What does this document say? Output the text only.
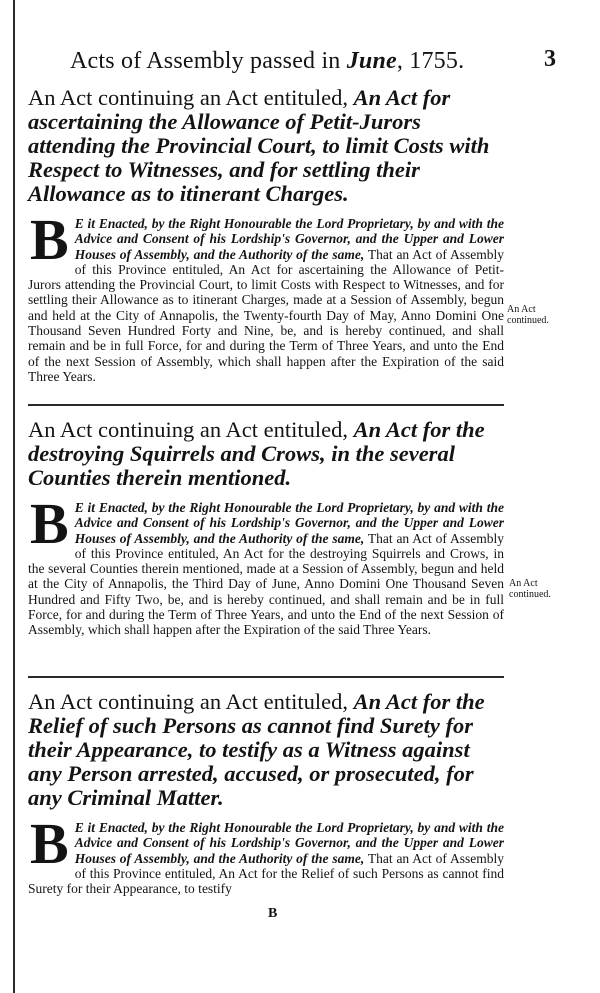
Acts of Assembly passed in June, 1755.	3
An Act continuing an Act entituled, An Act for ascertaining the Allowance of Petit-Jurors attending the Provincial Court, to limit Costs with Respect to Witnesses, and for settling their Allowance as to itinerant Charges.
B E it Enacted, by the Right Honourable the Lord Proprietary, by and with the Advice and Consent of his Lordship's Governor, and the Upper and Lower Houses of Assembly, and the Authority of the same, That an Act of Assembly of this Province entituled, An Act for ascertaining the Allowance of Petit-Jurors attending the Provincial Court, to limit Costs with Respect to Witnesses, and for settling their Allowance as to itinerant Charges, made at a Session of Assembly, begun and held at the City of Annapolis, the Twenty-fourth Day of May, Anno Domini One Thousand Seven Hundred Forty and Nine, be, and is hereby continued, and shall remain and be in full Force, for and during the Term of Three Years, and unto the End of the next Session of Assembly, which shall happen after the Expiration of the said Three Years.
An Act continued.
An Act continuing an Act entituled, An Act for the destroying Squirrels and Crows, in the several Counties therein mentioned.
B E it Enacted, by the Right Honourable the Lord Proprietary, by and with the Advice and Consent of his Lordship's Governor, and the Upper and Lower Houses of Assembly, and the Authority of the same, That an Act of Assembly of this Province entituled, An Act for the destroying Squirrels and Crows, in the several Counties therein mentioned, made at a Session of Assembly, begun and held at the City of Annapolis, the Third Day of June, Anno Domini One Thousand Seven Hundred and Fifty Two, be, and is hereby continued, and shall remain and be in full Force, for and during the Term of Three Years, and unto the End of the next Session of Assembly, which shall happen after the Expiration of the said Three Years.
An Act continued.
An Act continuing an Act entituled, An Act for the Relief of such Persons as cannot find Surety for their Appearance, to testify as a Witness against any Person arrested, accused, or prosecuted, for any Criminal Matter.
B E it Enacted, by the Right Honourable the Lord Proprietary, by and with the Advice and Consent of his Lordship's Governor, and the Upper and Lower Houses of Assembly, and the Authority of the same, That an Act of Assembly of this Province entituled, An Act for the Relief of such Persons as cannot find Surety for their Appearance, to testify
B
